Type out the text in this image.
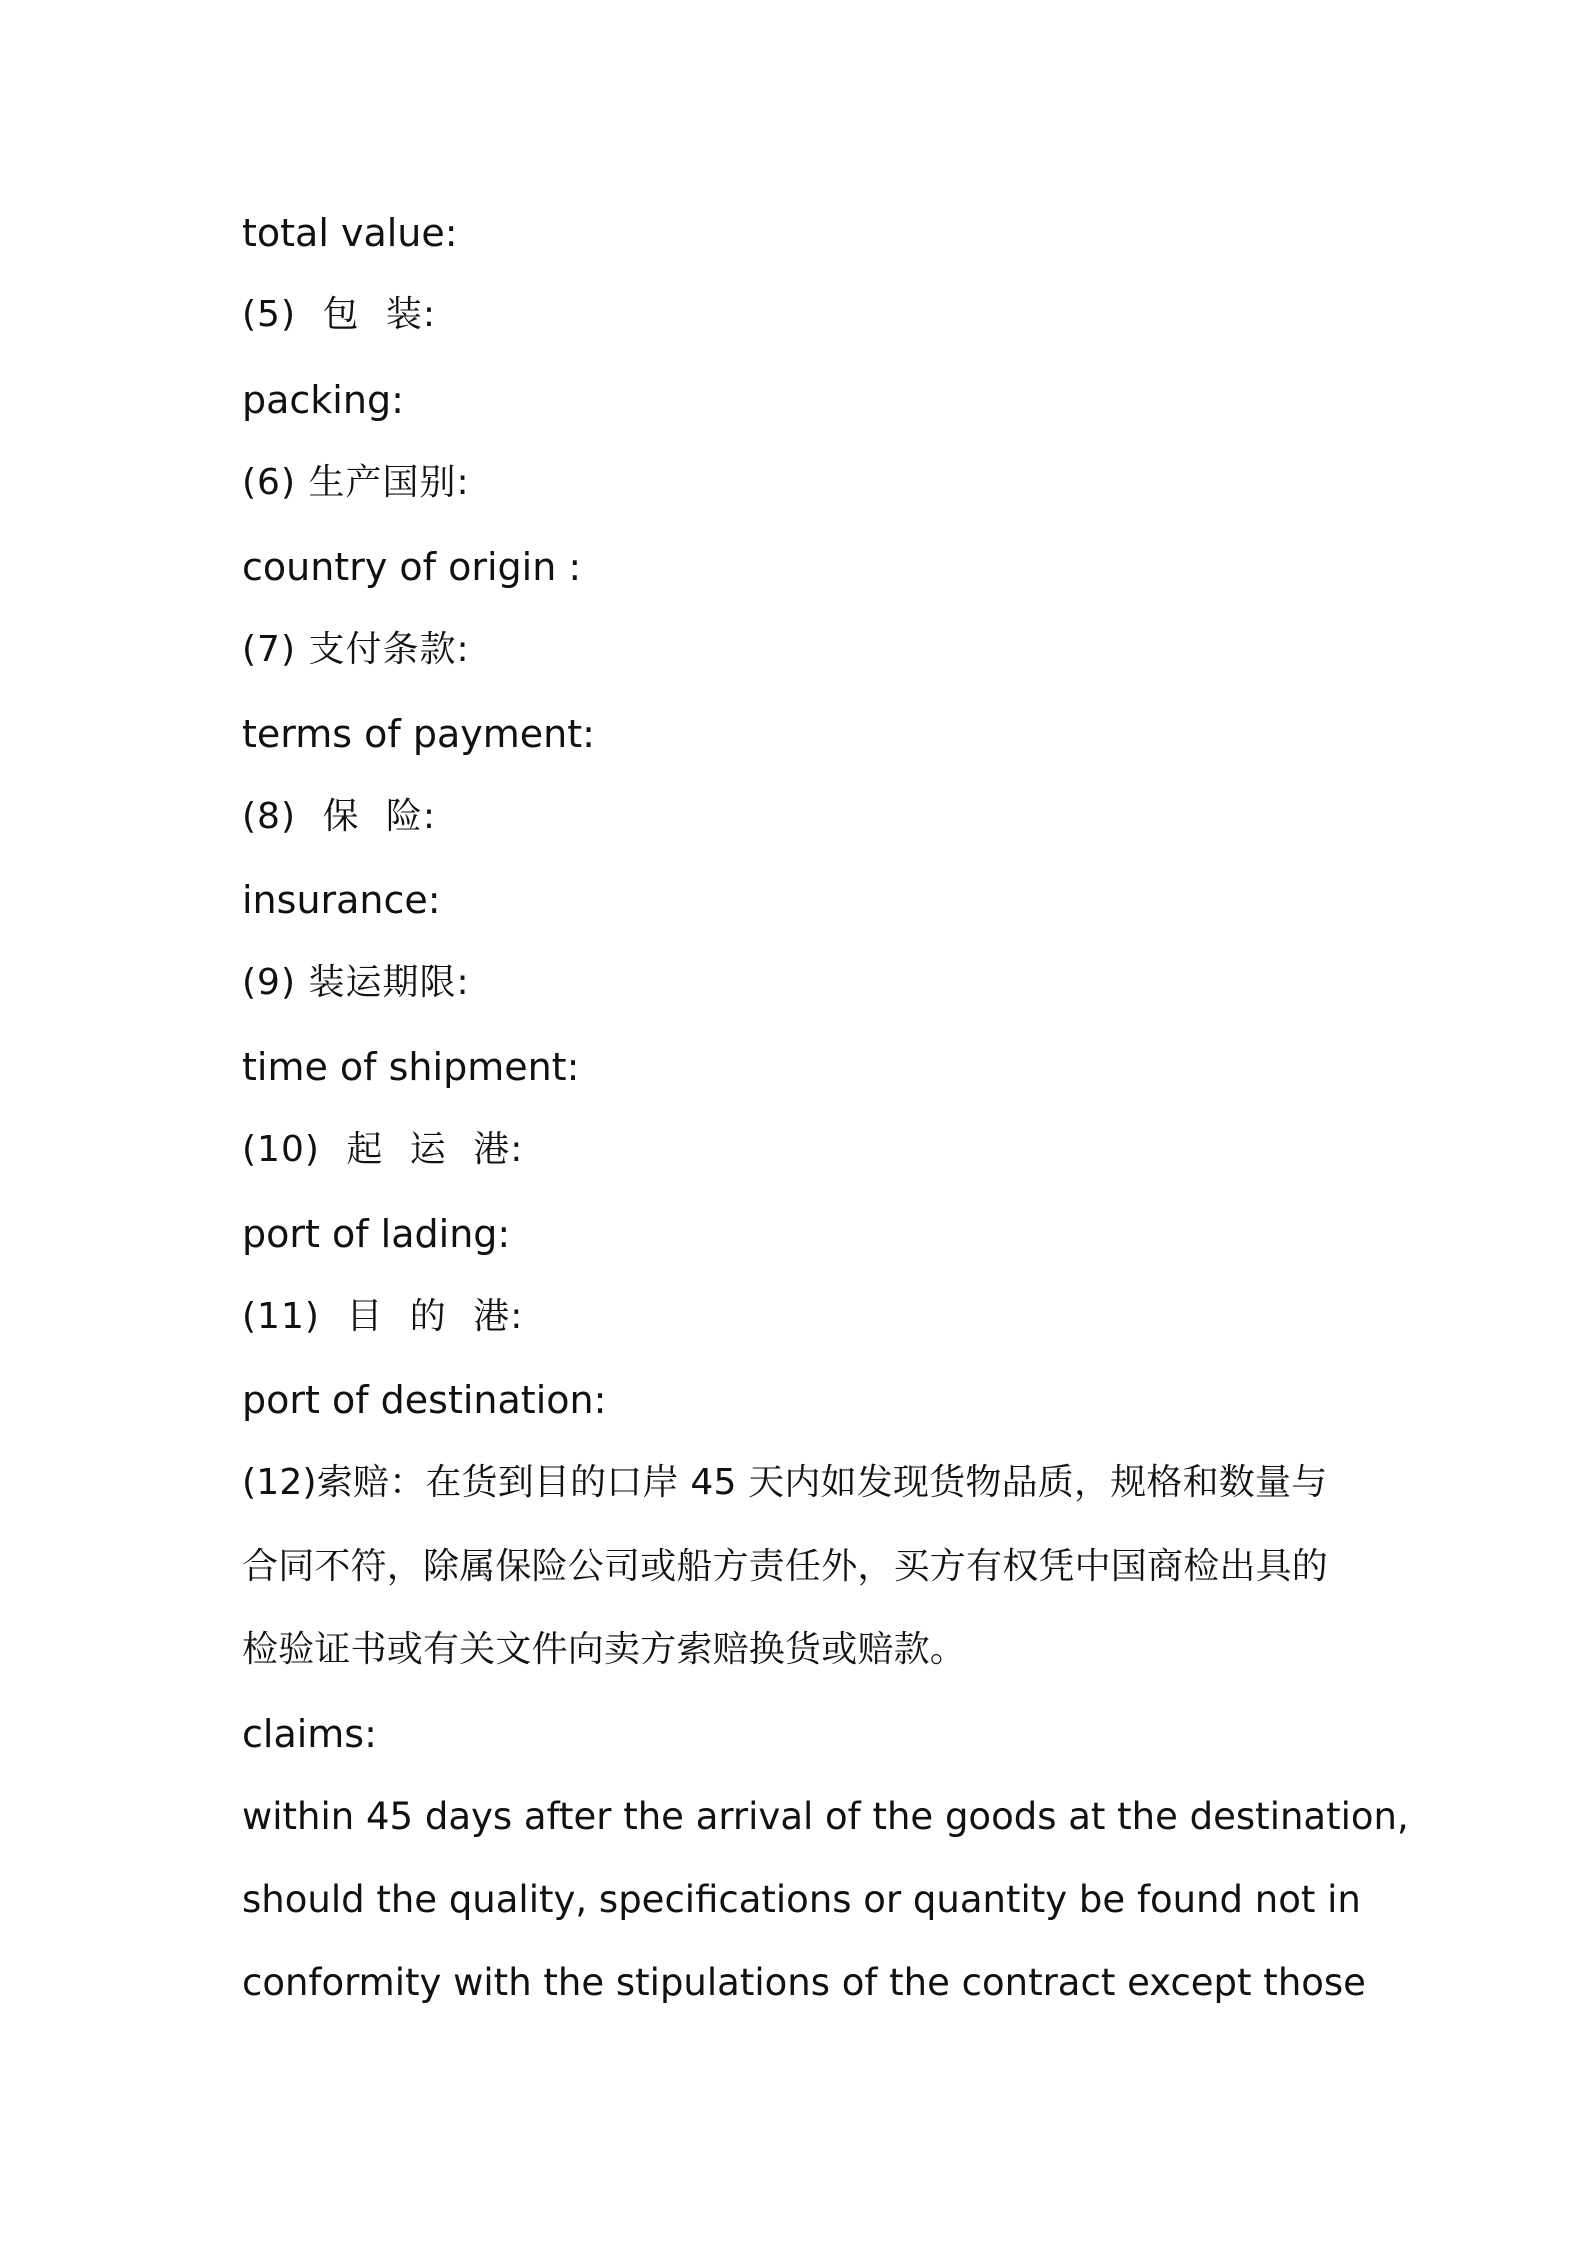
total value:
(5) 包 装:
packing:
(6) 生产国别:
country of origin :
(7) 支付条款:
terms of payment:
(8) 保 险:
insurance:
(9) 装运期限:
time of shipment:
(10) 起 运 港:
port of lading:
(11) 目 的 港:
port of destination:
(12)索赔：在货到目的口岸 45 天内如发现货物品质，规格和数量与
合同不符，除属保险公司或船方责任外，买方有权凭中国商检出具的
检验证书或有关文件向卖方索赔换货或赔款。
claims:
within 45 days after the arrival of the goods at the destination,
should the quality, specifications or quantity be found not in
conformity with the stipulations of the contract except those
